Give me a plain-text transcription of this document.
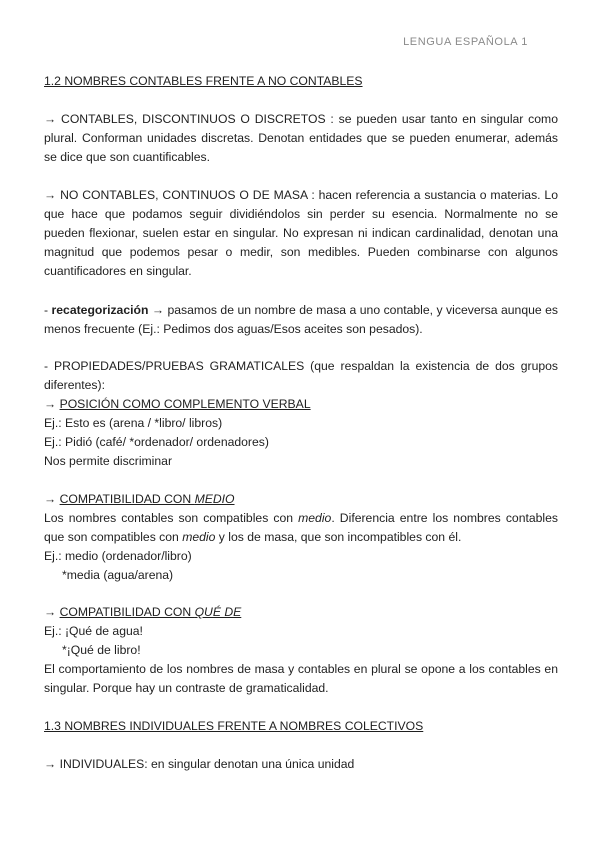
LENGUA ESPAÑOLA 1
1.2 NOMBRES CONTABLES FRENTE A NO CONTABLES
→ CONTABLES, DISCONTINUOS O DISCRETOS : se pueden usar tanto en singular como plural. Conforman unidades discretas. Denotan entidades que se pueden enumerar, además se dice que son cuantificables.
→ NO CONTABLES, CONTINUOS O DE MASA : hacen referencia a sustancia o materias. Lo que hace que podamos seguir dividiéndolos sin perder su esencia. Normalmente no se pueden flexionar, suelen estar en singular. No expresan ni indican cardinalidad, denotan una magnitud que podemos pesar o medir, son medibles. Pueden combinarse con algunos cuantificadores en singular.
- recategorización → pasamos de un nombre de masa a uno contable, y viceversa aunque es menos frecuente (Ej.: Pedimos dos aguas/Esos aceites son pesados).
- PROPIEDADES/PRUEBAS GRAMATICALES (que respaldan la existencia de dos grupos diferentes):

→ POSICIÓN COMO COMPLEMENTO VERBAL

Ej.: Esto es (arena / *libro/ libros)

Ej.: Pidió (café/ *ordenador/ ordenadores)

Nos permite discriminar

→ COMPATIBILIDAD CON MEDIO

Los nombres contables son compatibles con medio. Diferencia entre los nombres contables que son compatibles con medio y los de masa, que son incompatibles con él.

Ej.: medio (ordenador/libro)

*media (agua/arena)

→ COMPATIBILIDAD CON QUÉ DE

Ej.: ¡Qué de agua!

*¡Qué de libro!

El comportamiento de los nombres de masa y contables en plural se opone a los contables en singular. Porque hay un contraste de gramaticalidad.

1.3 NOMBRES INDIVIDUALES FRENTE A NOMBRES COLECTIVOS
→ INDIVIDUALES: en singular denotan una única unidad
